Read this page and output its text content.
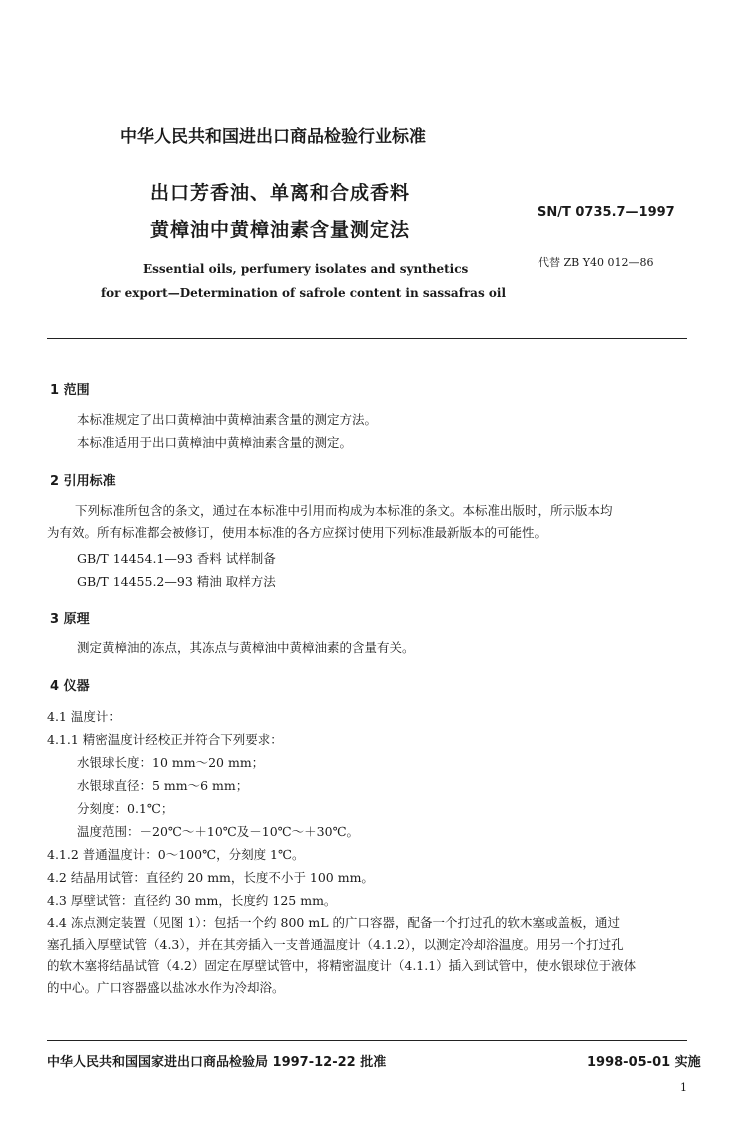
中华人民共和国进出口商品检验行业标准
出口芳香油、单离和合成香料
黄樟油中黄樟油素含量测定法
SN/T 0735.7—1997
代替 ZB Y40 012—86
Essential oils, perfumery isolates and synthetics
for export—Determination of safrole content in sassafras oil
1 范围
本标准规定了出口黄樟油中黄樟油素含量的测定方法。
本标准适用于出口黄樟油中黄樟油素含量的测定。
2 引用标准
下列标准所包含的条文，通过在本标准中引用而构成为本标准的条文。本标准出版时，所示版本均
为有效。所有标准都会被修订，使用本标准的各方应探讨使用下列标准最新版本的可能性。
GB/T 14454.1—93 香料 试样制备
GB/T 14455.2—93 精油 取样方法
3 原理
测定黄樟油的冻点，其冻点与黄樟油中黄樟油素的含量有关。
4 仪器
4.1 温度计：
4.1.1 精密温度计经校正并符合下列要求：
水银球长度：10 mm～20 mm；
水银球直径：5 mm～6 mm；
分刻度：0.1℃；
温度范围：－20℃～＋10℃及－10℃～＋30℃。
4.1.2 普通温度计：0～100℃，分刻度 1℃。
4.2 结晶用试管：直径约 20 mm，长度不小于 100 mm。
4.3 厚壁试管：直径约 30 mm，长度约 125 mm。
4.4 冻点测定装置（见图 1）：包括一个约 800 mL 的广口容器，配备一个打过孔的软木塞或盖板，通过
塞孔插入厚壁试管（4.3），并在其旁插入一支普通温度计（4.1.2），以测定冷却浴温度。用另一个打过孔
的软木塞将结晶试管（4.2）固定在厚壁试管中，将精密温度计（4.1.1）插入到试管中，使水银球位于液体
的中心。广口容器盛以盐冰水作为冷却浴。
中华人民共和国国家进出口商品检验局 1997-12-22 批准	1998-05-01 实施
1
